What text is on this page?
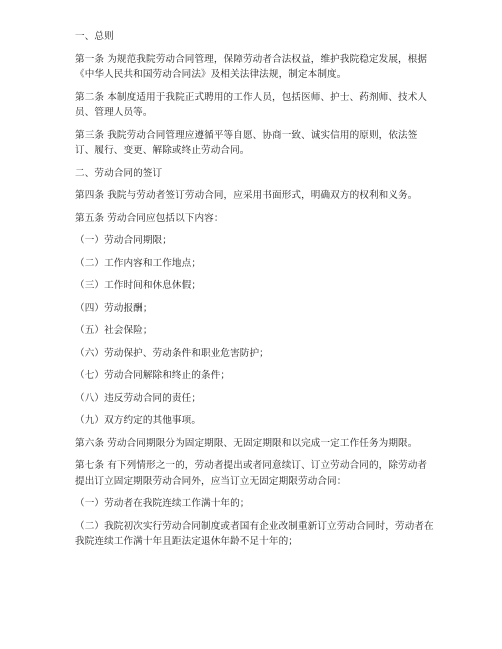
一、总则

第一条 为规范我院劳动合同管理，保障劳动者合法权益，维护我院稳定发展，根据《中华人民共和国劳动合同法》及相关法律法规，制定本制度。

第二条 本制度适用于我院正式聘用的工作人员，包括医师、护士、药剂师、技术人员、管理人员等。

第三条 我院劳动合同管理应遵循平等自愿、协商一致、诚实信用的原则，依法签订、履行、变更、解除或终止劳动合同。

二、劳动合同的签订

第四条 我院与劳动者签订劳动合同，应采用书面形式，明确双方的权利和义务。

第五条 劳动合同应包括以下内容：

（一）劳动合同期限；

（二）工作内容和工作地点；

（三）工作时间和休息休假；

（四）劳动报酬；

（五）社会保险；

（六）劳动保护、劳动条件和职业危害防护；

（七）劳动合同解除和终止的条件；

（八）违反劳动合同的责任；

（九）双方约定的其他事项。

第六条 劳动合同期限分为固定期限、无固定期限和以完成一定工作任务为期限。

第七条 有下列情形之一的，劳动者提出或者同意续订、订立劳动合同的，除劳动者提出订立固定期限劳动合同外，应当订立无固定期限劳动合同：

（一）劳动者在我院连续工作满十年的；

（二）我院初次实行劳动合同制度或者国有企业改制重新订立劳动合同时，劳动者在我院连续工作满十年且距法定退休年龄不足十年的；
